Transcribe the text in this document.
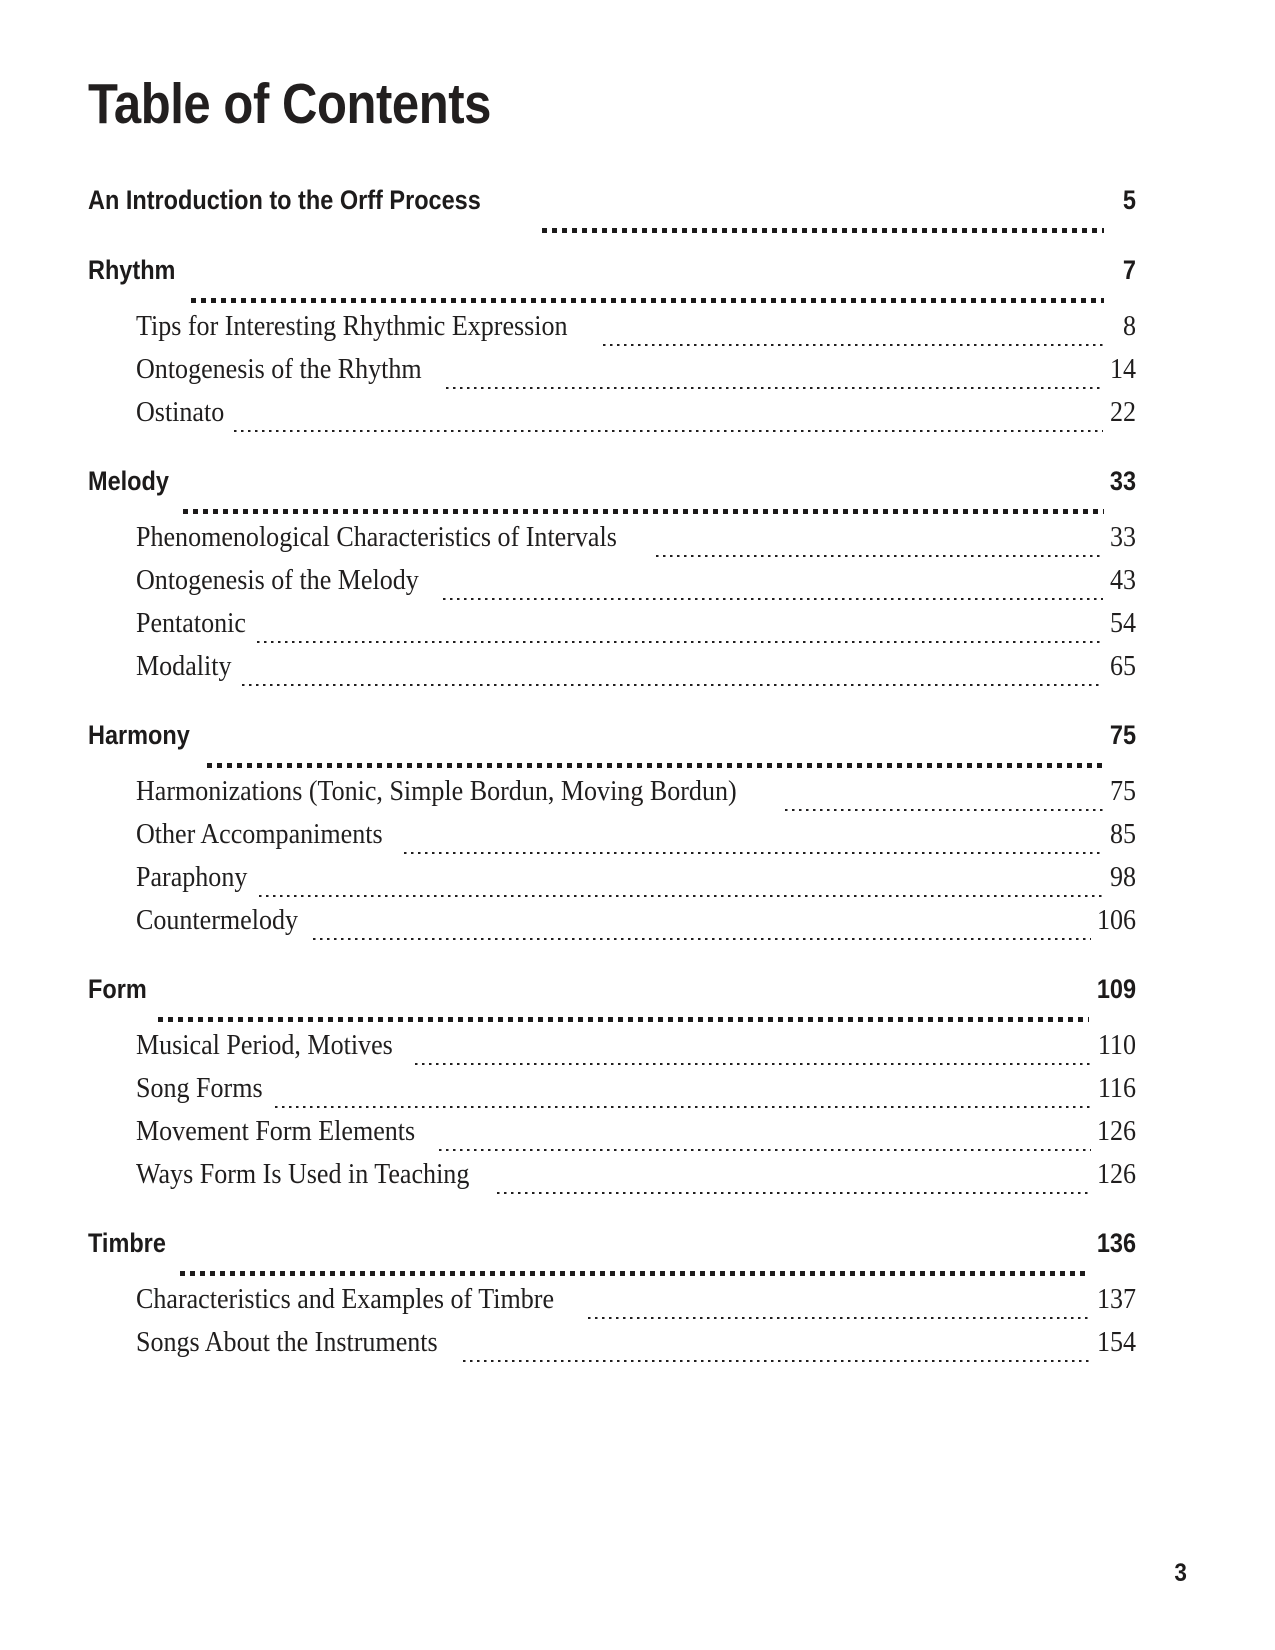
Table of Contents
An Introduction to the Orff Process	5
Rhythm	7
Tips for Interesting Rhythmic Expression	8
Ontogenesis of the Rhythm	14
Ostinato	22
Melody	33
Phenomenological Characteristics of Intervals	33
Ontogenesis of the Melody	43
Pentatonic	54
Modality	65
Harmony	75
Harmonizations (Tonic, Simple Bordun, Moving Bordun)	75
Other Accompaniments	85
Paraphony	98
Countermelody	106
Form	109
Musical Period, Motives	110
Song Forms	116
Movement Form Elements	126
Ways Form Is Used in Teaching	126
Timbre	136
Characteristics and Examples of Timbre	137
Songs About the Instruments	154
3
